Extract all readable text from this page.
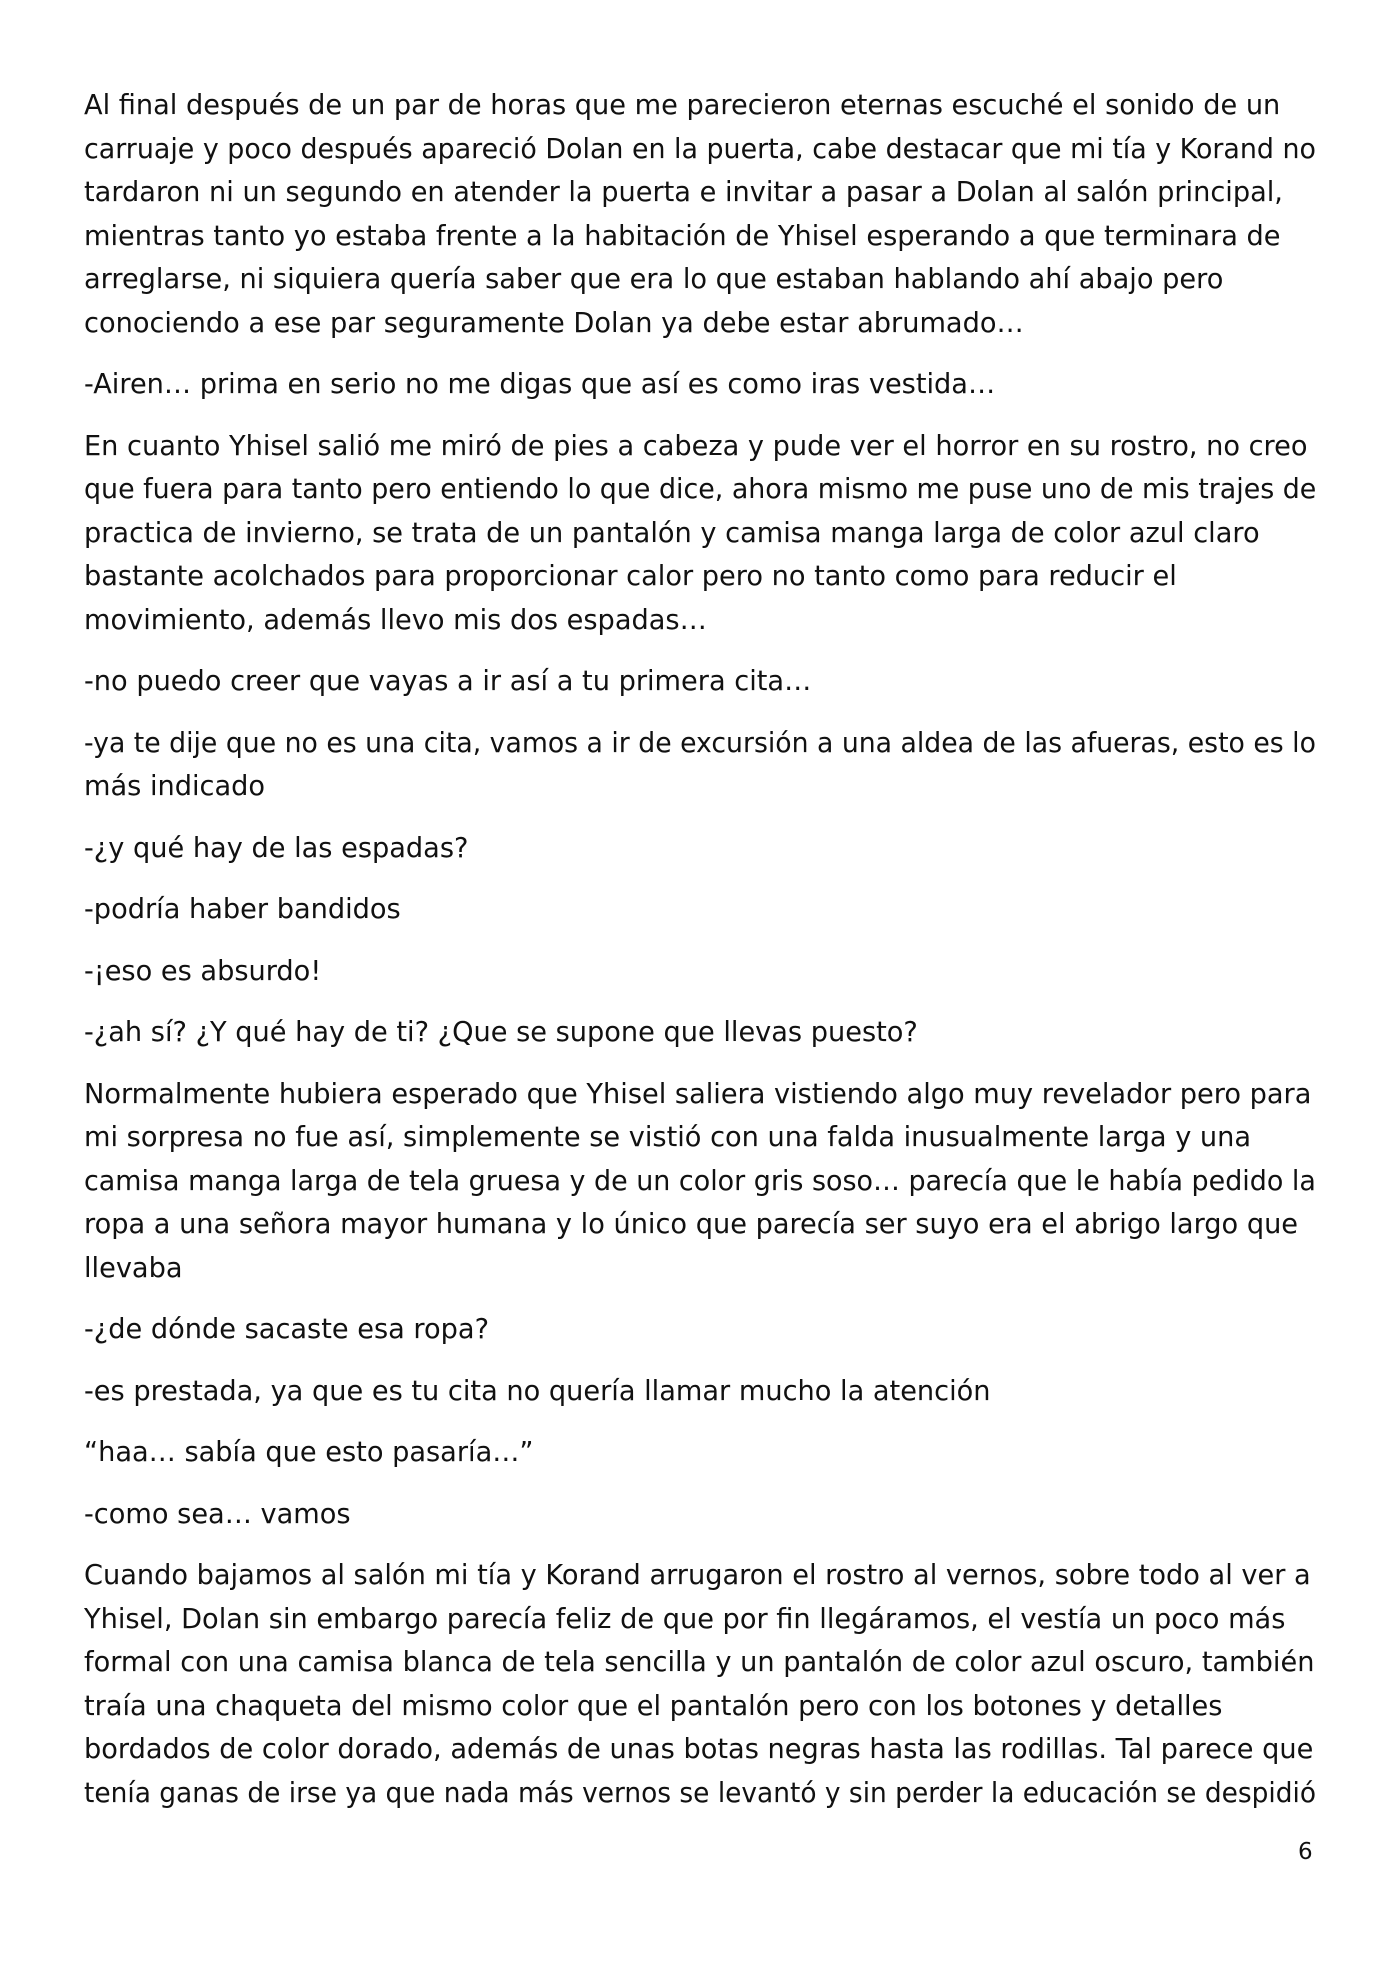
Al final después de un par de horas que me parecieron eternas escuché el sonido de un
carruaje y poco después apareció Dolan en la puerta, cabe destacar que mi tía y Korand no
tardaron ni un segundo en atender la puerta e invitar a pasar a Dolan al salón principal,
mientras tanto yo estaba frente a la habitación de Yhisel esperando a que terminara de
arreglarse, ni siquiera quería saber que era lo que estaban hablando ahí abajo pero
conociendo a ese par seguramente Dolan ya debe estar abrumado…

-Airen… prima en serio no me digas que así es como iras vestida…

En cuanto Yhisel salió me miró de pies a cabeza y pude ver el horror en su rostro, no creo
que fuera para tanto pero entiendo lo que dice, ahora mismo me puse uno de mis trajes de
practica de invierno, se trata de un pantalón y camisa manga larga de color azul claro
bastante acolchados para proporcionar calor pero no tanto como para reducir el
movimiento, además llevo mis dos espadas…

-no puedo creer que vayas a ir así a tu primera cita…

-ya te dije que no es una cita, vamos a ir de excursión a una aldea de las afueras, esto es lo
más indicado

-¿y qué hay de las espadas?

-podría haber bandidos

-¡eso es absurdo!

-¿ah sí? ¿Y qué hay de ti? ¿Que se supone que llevas puesto?

Normalmente hubiera esperado que Yhisel saliera vistiendo algo muy revelador pero para
mi sorpresa no fue así, simplemente se vistió con una falda inusualmente larga y una
camisa manga larga de tela gruesa y de un color gris soso… parecía que le había pedido la
ropa a una señora mayor humana y lo único que parecía ser suyo era el abrigo largo que
llevaba

-¿de dónde sacaste esa ropa?

-es prestada, ya que es tu cita no quería llamar mucho la atención

“haa… sabía que esto pasaría…”

-como sea… vamos

Cuando bajamos al salón mi tía y Korand arrugaron el rostro al vernos, sobre todo al ver a
Yhisel, Dolan sin embargo parecía feliz de que por fin llegáramos, el vestía un poco más
formal con una camisa blanca de tela sencilla y un pantalón de color azul oscuro, también
traía una chaqueta del mismo color que el pantalón pero con los botones y detalles
bordados de color dorado, además de unas botas negras hasta las rodillas. Tal parece que
tenía ganas de irse ya que nada más vernos se levantó y sin perder la educación se despidió

6
